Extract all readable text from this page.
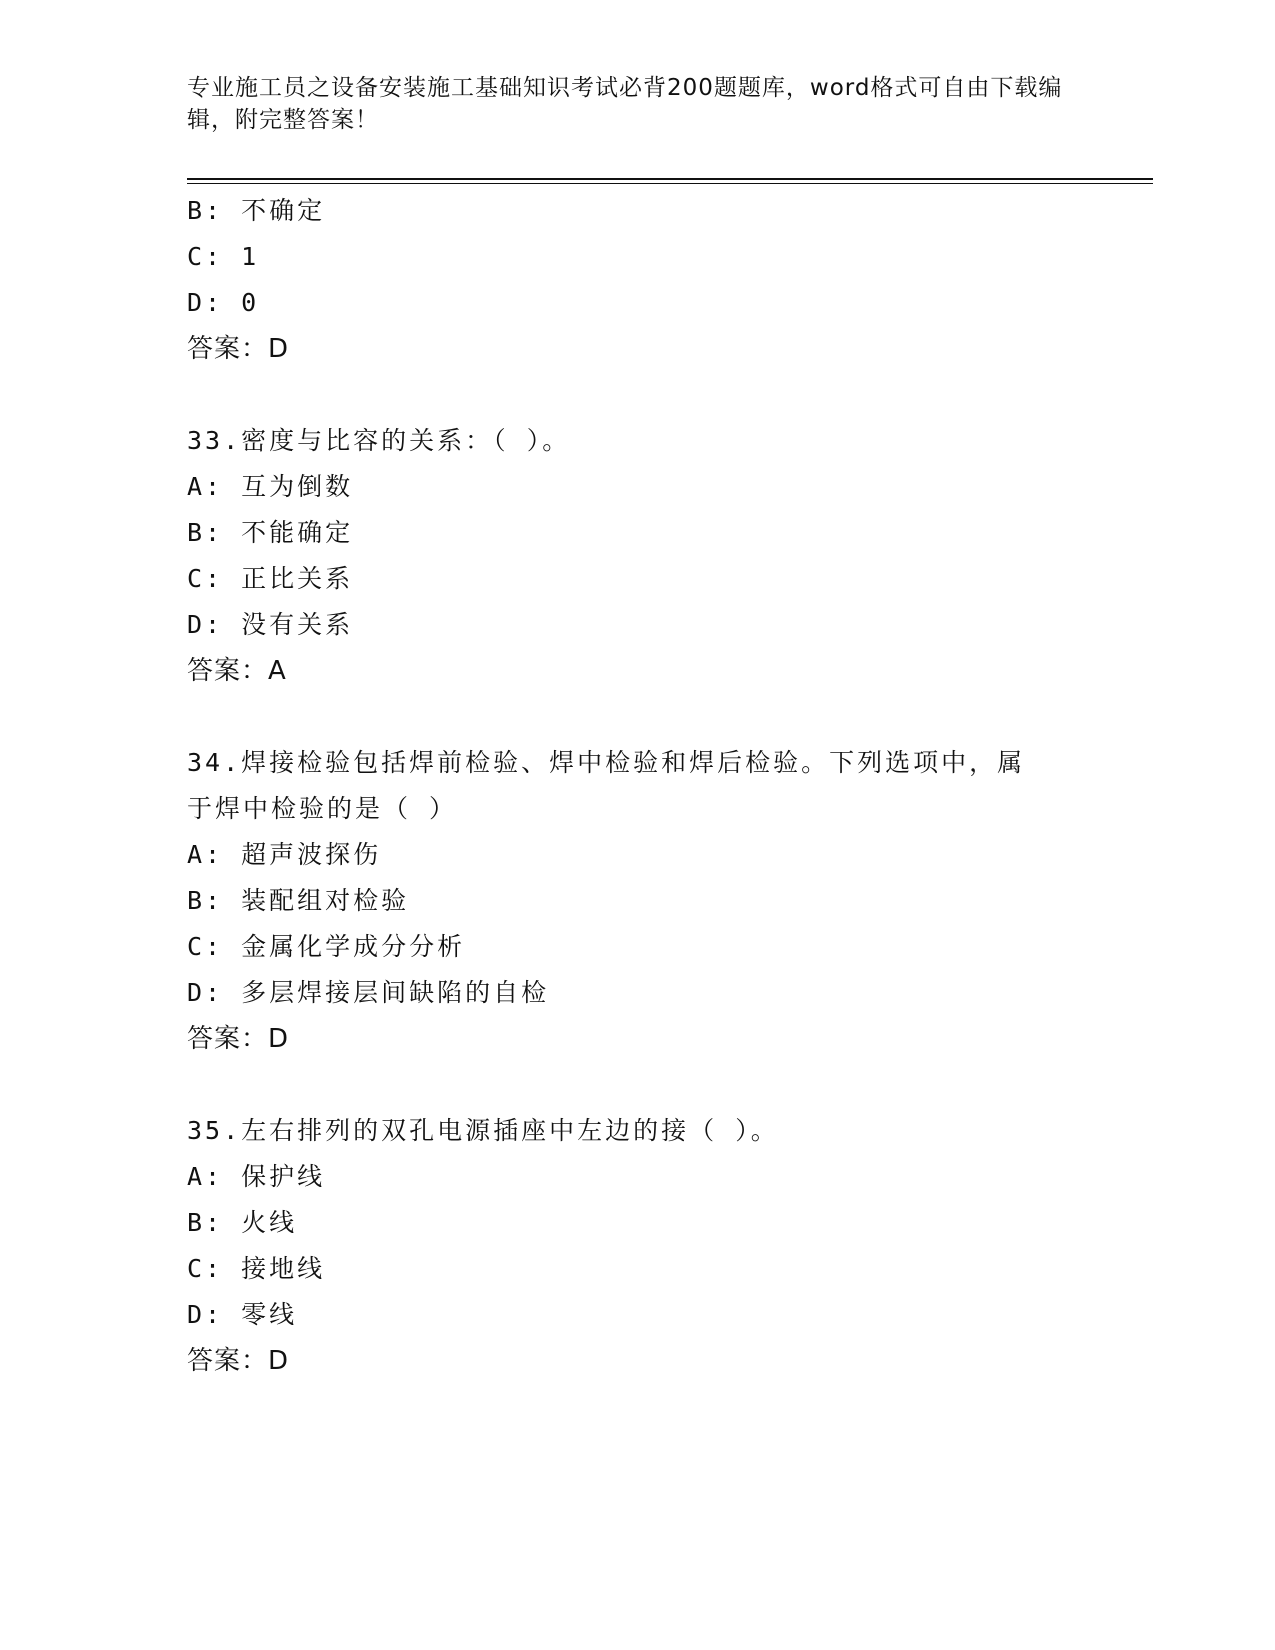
专业施工员之设备安装施工基础知识考试必背200题题库，word格式可自由下载编辑，附完整答案！
B: 不确定
C: 1
D: 0
答案：D
33.密度与比容的关系：（ ）。
A: 互为倒数
B: 不能确定
C: 正比关系
D: 没有关系
答案：A
34.焊接检验包括焊前检验、焊中检验和焊后检验。下列选项中，属于焊中检验的是（ ）
A: 超声波探伤
B: 装配组对检验
C: 金属化学成分分析
D: 多层焊接层间缺陷的自检
答案：D
35.左右排列的双孔电源插座中左边的接（ ）。
A: 保护线
B: 火线
C: 接地线
D: 零线
答案：D
